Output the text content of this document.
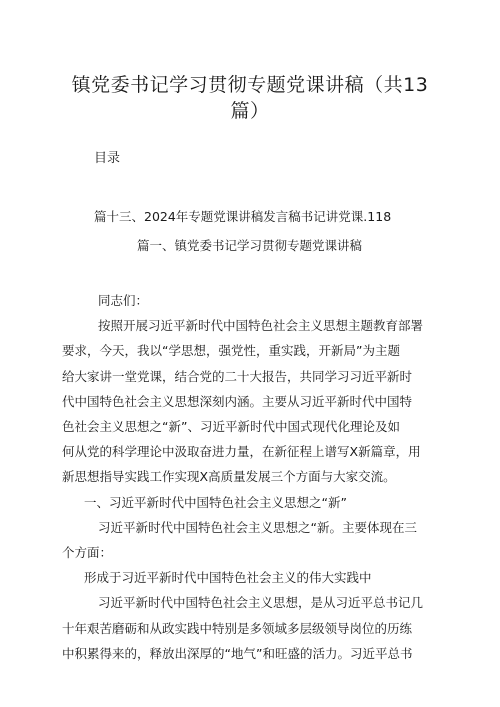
镇党委书记学习贯彻专题党课讲稿（共13
篇）
目录
篇十三、2024年专题党课讲稿发言稿书记讲党课.118
篇一、镇党委书记学习贯彻专题党课讲稿

同志们：

按照开展习近平新时代中国特色社会主义思想主题教育部署

要求，今天，我以“学思想，强党性，重实践，开新局”为主题

给大家讲一堂党课，结合党的二十大报告，共同学习习近平新时

代中国特色社会主义思想深刻内涵。主要从习近平新时代中国特

色社会主义思想之“新”、习近平新时代中国式现代化理论及如

何从党的科学理论中汲取奋进力量，在新征程上谱写X新篇章，用

新思想指导实践工作实现X高质量发展三个方面与大家交流。

一、习近平新时代中国特色社会主义思想之“新”

习近平新时代中国特色社会主义思想之“新。主要体现在三

个方面：

形成于习近平新时代中国特色社会主义的伟大实践中

习近平新时代中国特色社会主义思想，是从习近平总书记几

十年艰苦磨砺和从政实践中特别是多领域多层级领导岗位的历练

中积累得来的，释放出深厚的“地气”和旺盛的活力。习近平总书
